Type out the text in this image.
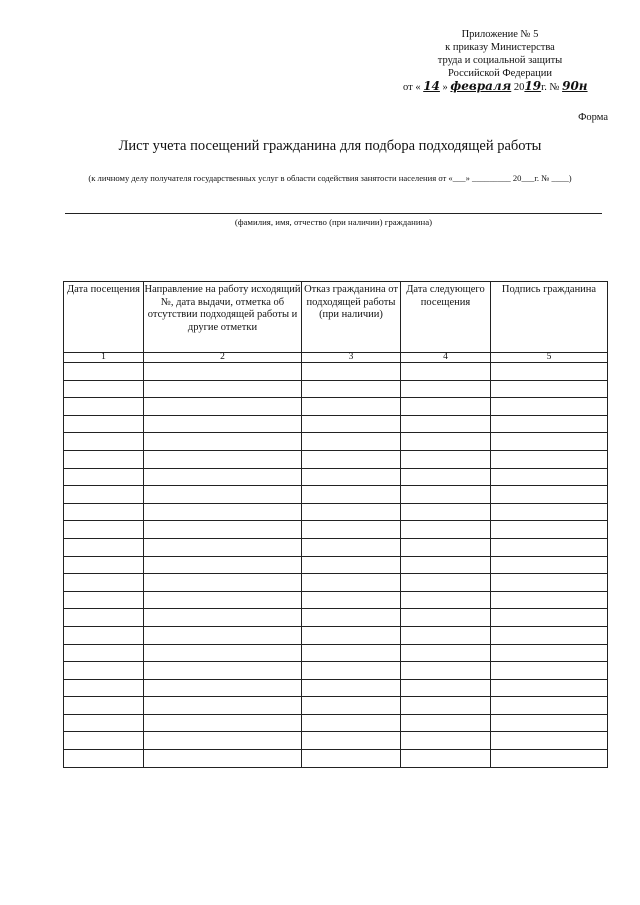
Приложение № 5
к приказу Министерства
труда и социальной защиты
Российской Федерации
от « 14 » февраля 2019г. № 90н
Форма
Лист учета посещений гражданина для подбора подходящей работы
(к личному делу получателя государственных услуг в области содействия занятости населения от «___» _________ 20___г. № ____)
(фамилия, имя, отчество (при наличии) гражданина)
Дата посещения	Направление на работу исходящий №, дата выдачи, отметка об отсутствии подходящей работы и другие отметки	Отказ гражданина от подходящей работы (при наличии)	Дата следующего посещения	Подпись гражданина
1	2	3	4	5
